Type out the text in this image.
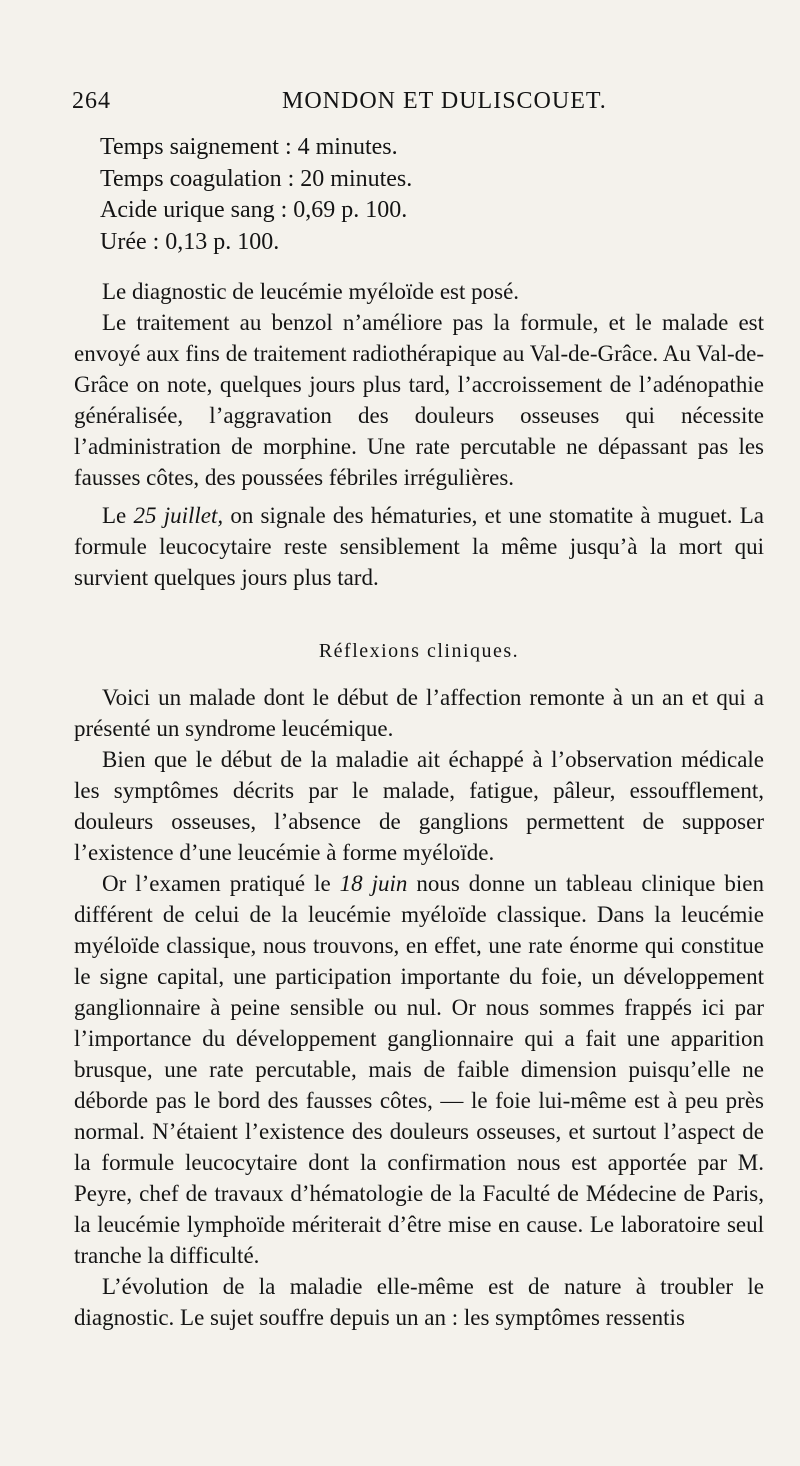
264	MONDON ET DULISCOUET.
Temps saignement : 4 minutes.
Temps coagulation : 20 minutes.
Acide urique sang : 0,69 p. 100.
Urée : 0,13 p. 100.

Le diagnostic de leucémie myéloïde est posé.

Le traitement au benzol n’améliore pas la formule, et le malade est envoyé aux fins de traitement radiothérapique au Val-de-Grâce. Au Val-de-Grâce on note, quelques jours plus tard, l’accroissement de l’adénopathie généralisée, l’aggravation des douleurs osseuses qui nécessite l’administration de morphine. Une rate percutable ne dépassant pas les fausses côtes, des poussées fébriles irrégulières.

Le 25 juillet, on signale des hématuries, et une stomatite à muguet. La formule leucocytaire reste sensiblement la même jusqu’à la mort qui survient quelques jours plus tard.

Réflexions cliniques.

Voici un malade dont le début de l’affection remonte à un an et qui a présenté un syndrome leucémique.

Bien que le début de la maladie ait échappé à l’observation médicale les symptômes décrits par le malade, fatigue, pâleur, essoufflement, douleurs osseuses, l’absence de ganglions permettent de supposer l’existence d’une leucémie à forme myéloïde.

Or l’examen pratiqué le 18 juin nous donne un tableau clinique bien différent de celui de la leucémie myéloïde classique. Dans la leucémie myéloïde classique, nous trouvons, en effet, une rate énorme qui constitue le signe capital, une participation importante du foie, un développement ganglionnaire à peine sensible ou nul. Or nous sommes frappés ici par l’importance du développement ganglionnaire qui a fait une apparition brusque, une rate percutable, mais de faible dimension puisqu’elle ne déborde pas le bord des fausses côtes, — le foie lui-même est à peu près normal. N’étaient l’existence des douleurs osseuses, et surtout l’aspect de la formule leucocytaire dont la confirmation nous est apportée par M. Peyre, chef de travaux d’hématologie de la Faculté de Médecine de Paris, la leucémie lymphoïde mériterait d’être mise en cause. Le laboratoire seul tranche la difficulté.

L’évolution de la maladie elle-même est de nature à troubler le diagnostic. Le sujet souffre depuis un an : les symptômes ressentis
